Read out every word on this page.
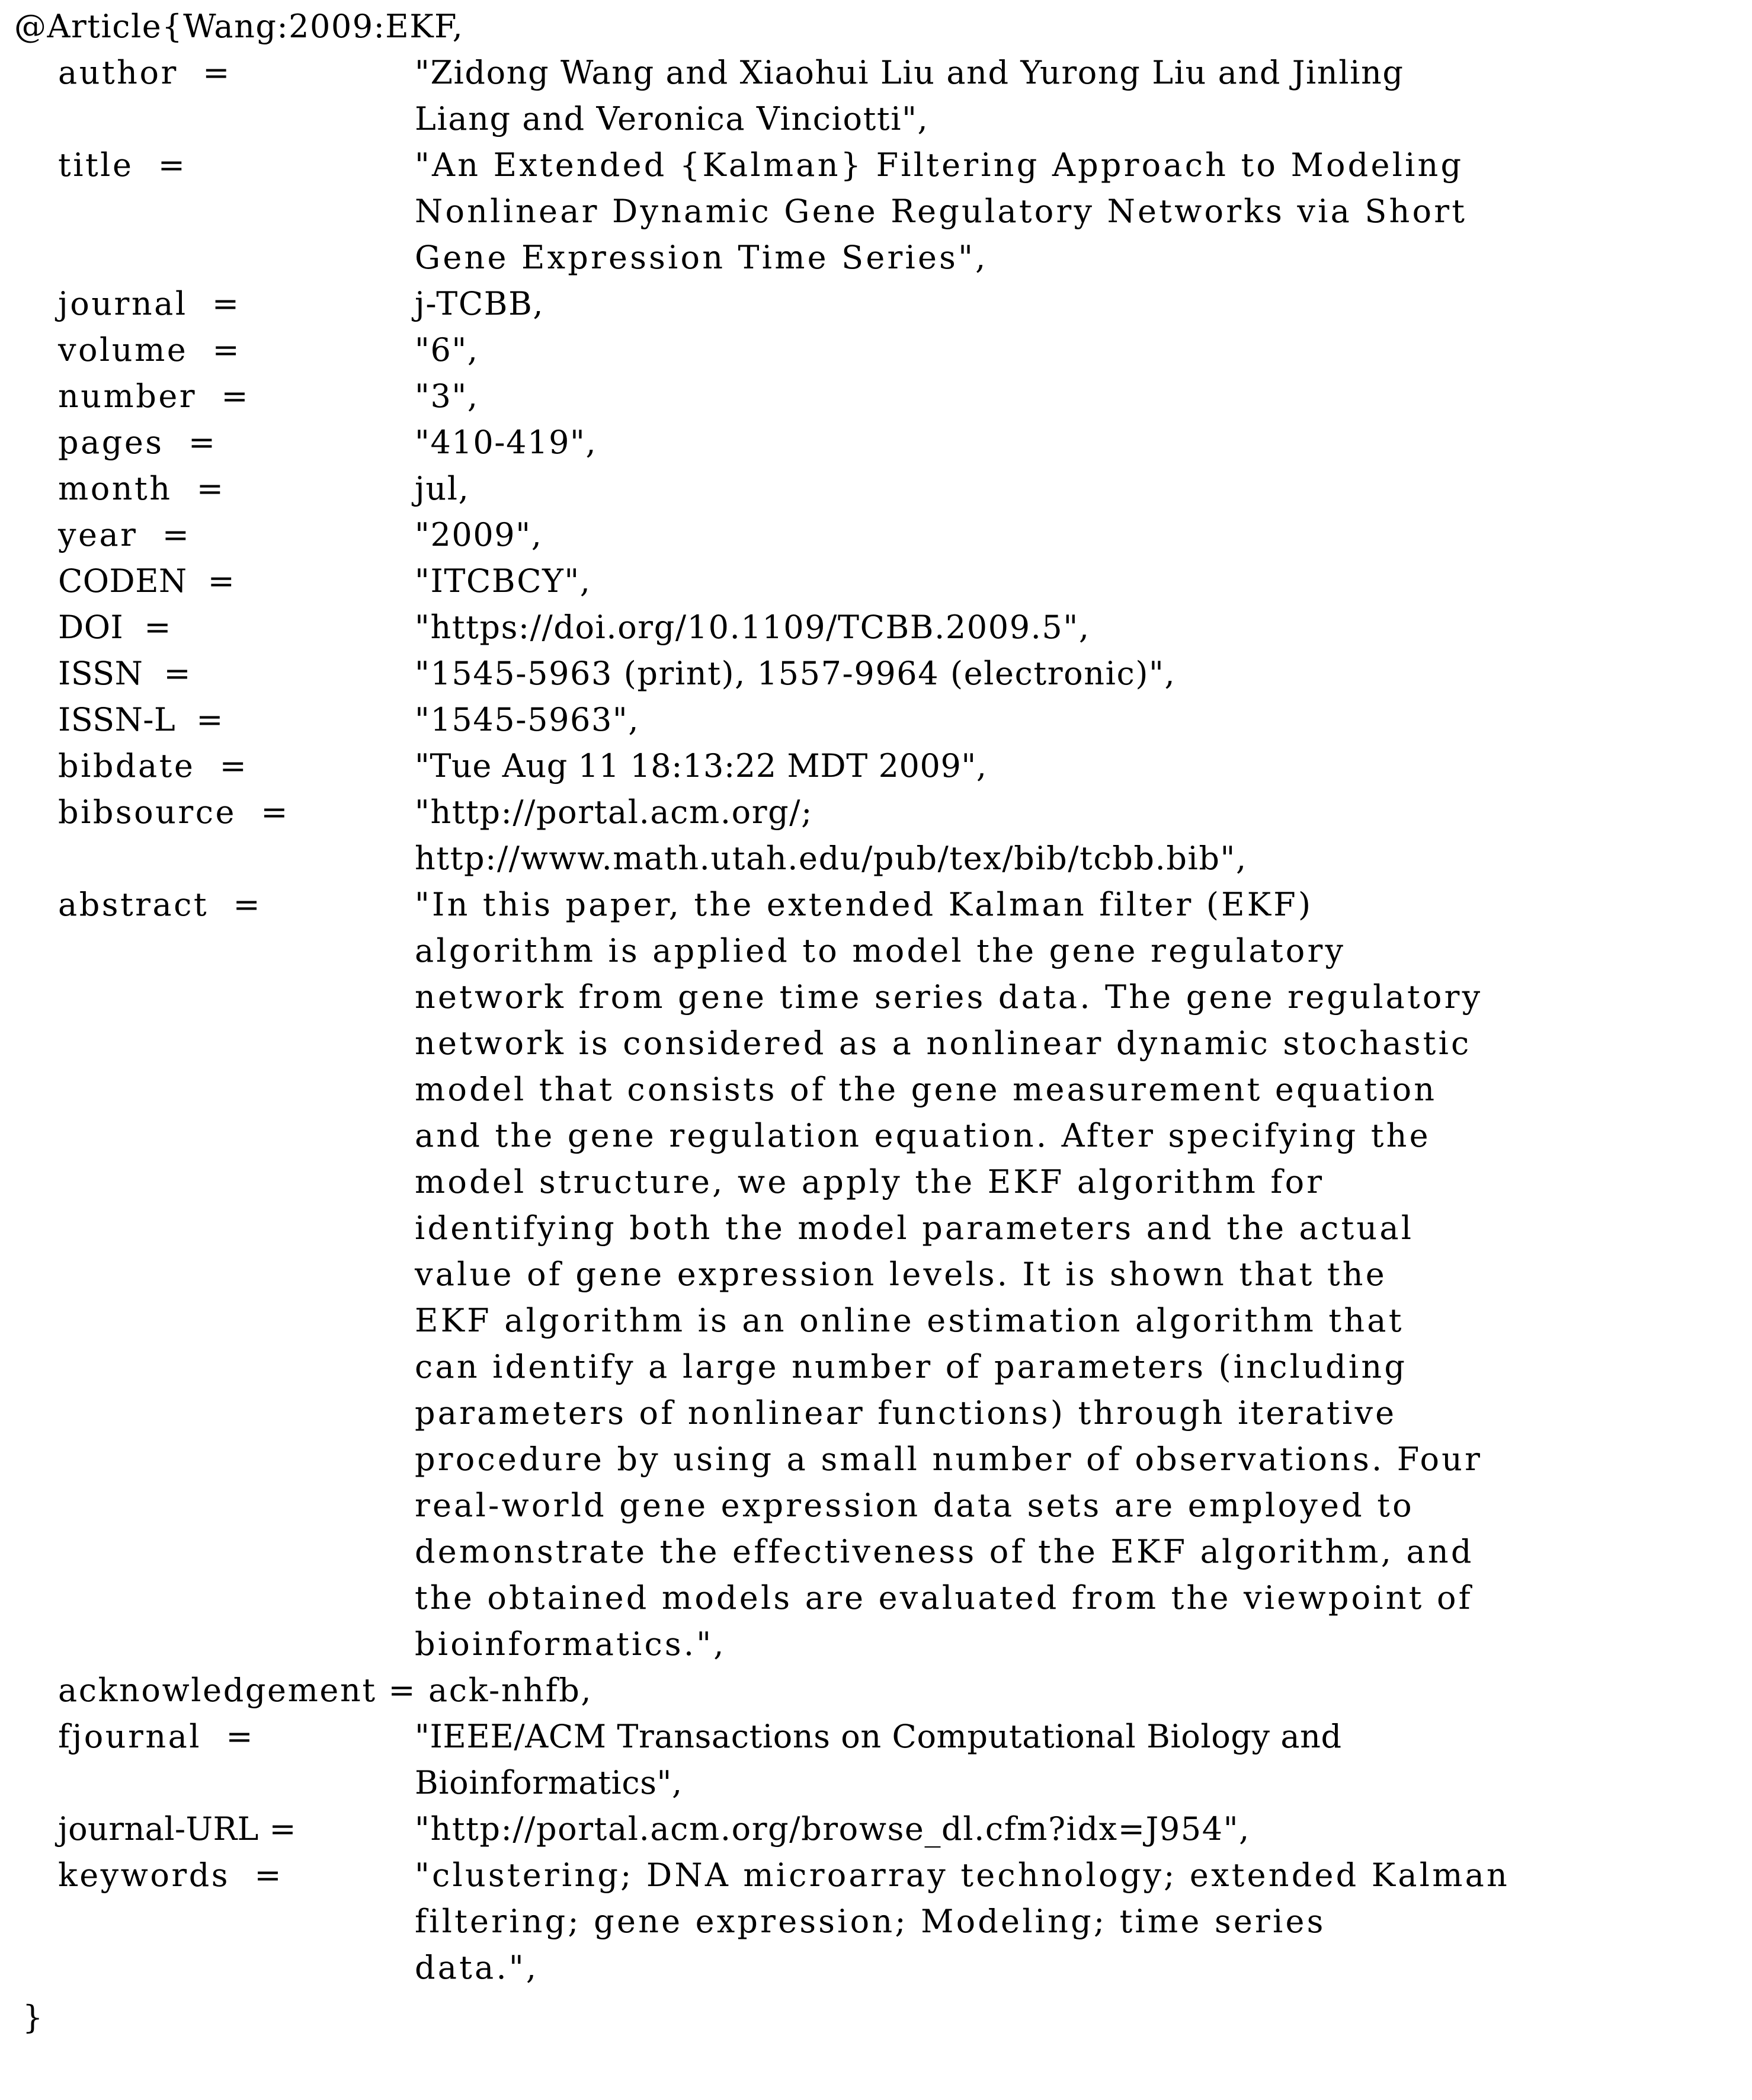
@Article{Wang:2009:EKF,
author  =	"Zidong Wang and Xiaohui Liu and Yurong Liu and Jinling
Liang and Veronica Vinciotti",
title  =	"An Extended {Kalman} Filtering Approach to Modeling
Nonlinear Dynamic Gene Regulatory Networks via Short
Gene Expression Time Series",
journal  =	j-TCBB,
volume  =	"6",
number  =	"3",
pages  =	"410-419",
month  =	jul,
year  =	"2009",
CODEN  =	"ITCBCY",
DOI  =	"https://doi.org/10.1109/TCBB.2009.5",
ISSN  =	"1545-5963 (print), 1557-9964 (electronic)",
ISSN-L  =	"1545-5963",
bibdate  =	"Tue Aug 11 18:13:22 MDT 2009",
bibsource  =	"http://portal.acm.org/;
http://www.math.utah.edu/pub/tex/bib/tcbb.bib",
abstract  =	"In this paper, the extended Kalman filter (EKF)
algorithm is applied to model the gene regulatory
network from gene time series data. The gene regulatory
network is considered as a nonlinear dynamic stochastic
model that consists of the gene measurement equation
and the gene regulation equation. After specifying the
model structure, we apply the EKF algorithm for
identifying both the model parameters and the actual
value of gene expression levels. It is shown that the
EKF algorithm is an online estimation algorithm that
can identify a large number of parameters (including
parameters of nonlinear functions) through iterative
procedure by using a small number of observations. Four
real-world gene expression data sets are employed to
demonstrate the effectiveness of the EKF algorithm, and
the obtained models are evaluated from the viewpoint of
bioinformatics.",
acknowledgement = ack-nhfb,
fjournal  =	"IEEE/ACM Transactions on Computational Biology and
Bioinformatics",
journal-URL =	"http://portal.acm.org/browse_dl.cfm?idx=J954",
keywords  =	"clustering; DNA microarray technology; extended Kalman
filtering; gene expression; Modeling; time series
data.",
}
